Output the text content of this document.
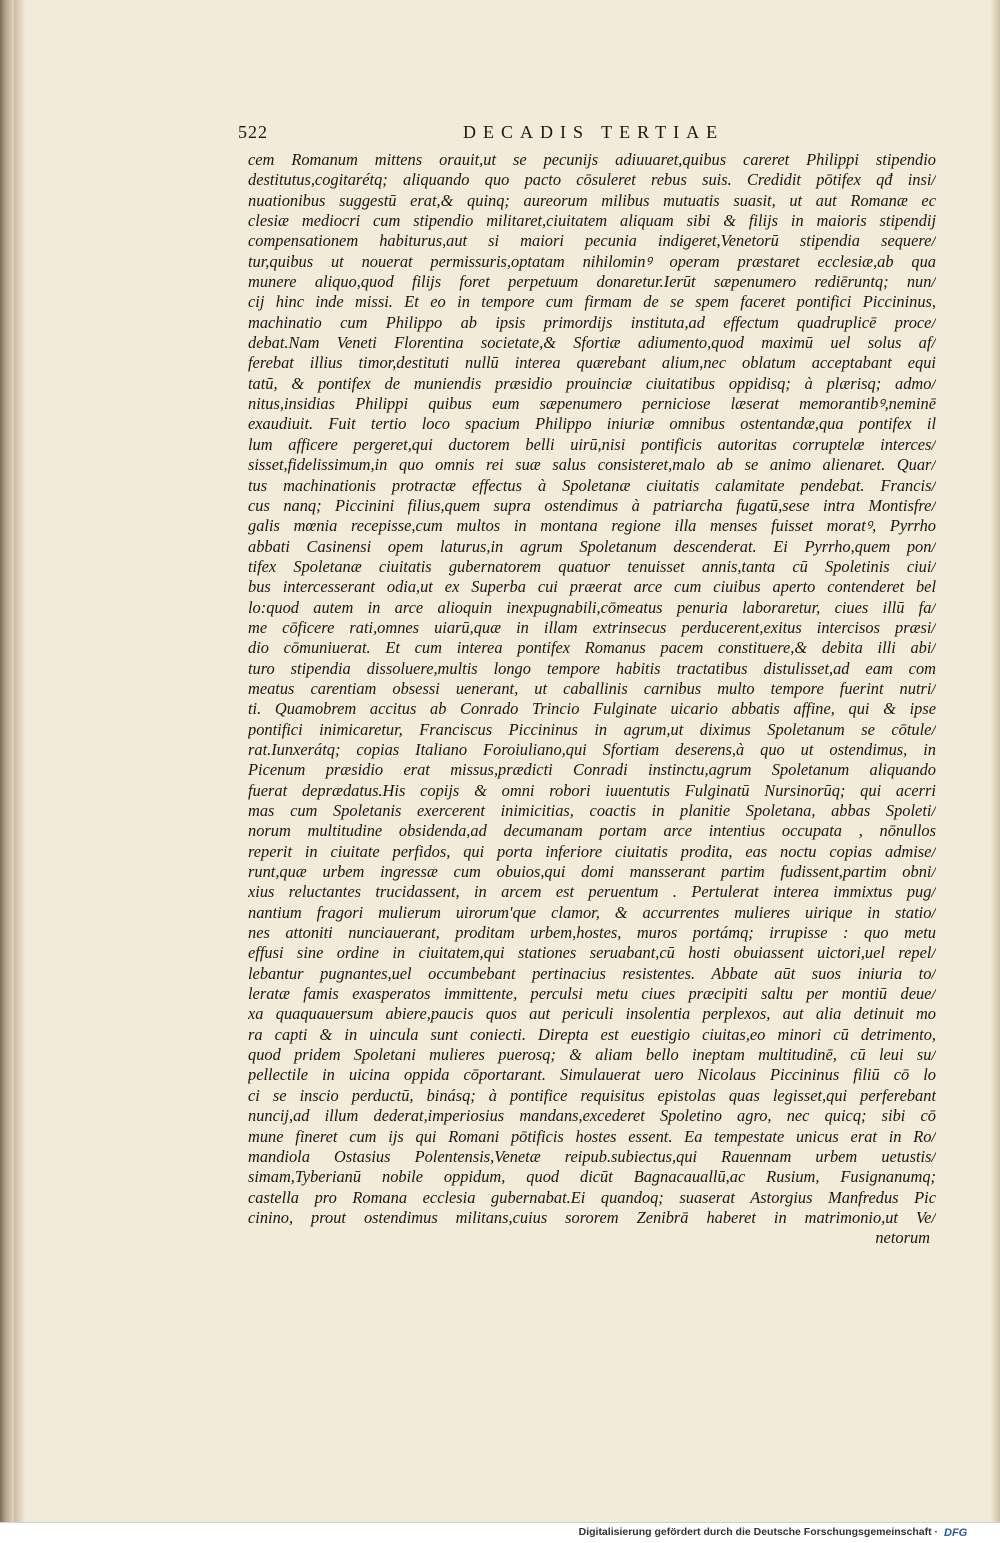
522	DECADIS TERTIAE
cem Romanum mittens orauit,ut se pecunijs adiuuaret,quibus careret Philippi stipendio
destitutus,cogitarétq; aliquando quo pacto cōsuleret rebus suis. Credidit pōtifex qđ insi/
nuationibus suggestū erat,& quinq; aureorum milibus mutuatis suasit, ut aut Romanæ ec
clesiæ mediocri cum stipendio militaret,ciuitatem aliquam sibi & filijs in maioris stipendij
compensationem habiturus,aut si maiori pecunia indigeret,Venetorū stipendia sequere/
tur,quibus ut nouerat permissuris,optatam nihilominꝰ operam præstaret ecclesiæ,ab qua
munere aliquo,quod filijs foret perpetuum donaretur.Ierūt sæpenumero rediēruntq; nun/
cij hinc inde missi. Et eo in tempore cum firmam de se spem faceret pontifici Piccininus,
machinatio cum Philippo ab ipsis primordijs instituta,ad effectum quadruplicē proce/
debat.Nam Veneti Florentina societate,& Sfortiæ adiumento,quod maximū uel solus af/
ferebat illius timor,destituti nullū interea quærebant alium,nec oblatum acceptabant equi
tatū, & pontifex de muniendis præsidio prouinciæ ciuitatibus oppidisq; à plærisq; admo/
nitus,insidias Philippi quibus eum sæpenumero perniciose læserat memorantibꝰ,neminē
exaudiuit. Fuit tertio loco spacium Philippo iniuriæ omnibus ostentandæ,qua pontifex il
lum afficere pergeret,qui ductorem belli uirū,nisi pontificis autoritas corruptelæ interces/
sisset,fidelissimum,in quo omnis rei suæ salus consisteret,malo ab se animo alienaret. Quar/
tus machinationis protractæ effectus à Spoletanæ ciuitatis calamitate pendebat. Francis/
cus nanq; Piccinini filius,quem supra ostendimus à patriarcha fugatū,sese intra Montisfre/
galis mœnia recepisse,cum multos in montana regione illa menses fuisset moratꝰ, Pyrrho
abbati Casinensi opem laturus,in agrum Spoletanum descenderat. Ei Pyrrho,quem pon/
tifex Spoletanæ ciuitatis gubernatorem quatuor tenuisset annis,tanta cū Spoletinis ciui/
bus intercesserant odia,ut ex Superba cui præerat arce cum ciuibus aperto contenderet bel
lo:quod autem in arce alioquin inexpugnabili,cōmeatus penuria laboraretur, ciues illū fa/
me cōficere rati,omnes uiarū,quæ in illam extrinsecus perducerent,exitus intercisos præsi/
dio cōmuniuerat. Et cum interea pontifex Romanus pacem constituere,& debita illi abi/
turo stipendia dissoluere,multis longo tempore habitis tractatibus distulisset,ad eam com
meatus carentiam obsessi uenerant, ut caballinis carnibus multo tempore fuerint nutri/
ti. Quamobrem accitus ab Conrado Trincio Fulginate uicario abbatis affine, qui & ipse
pontifici inimicaretur, Franciscus Piccininus in agrum,ut diximus Spoletanum se cōtule/
rat.Iunxerátq; copias Italiano Foroiuliano,qui Sfortiam deserens,à quo ut ostendimus, in
Picenum præsidio erat missus,prædicti Conradi instinctu,agrum Spoletanum aliquando
fuerat deprædatus.His copijs & omni robori iuuentutis Fulginatū Nursinorūq; qui acerri
mas cum Spoletanis exercerent inimicitias, coactis in planitie Spoletana, abbas Spoleti/
norum multitudine obsidenda,ad decumanam portam arce intentius occupata , nōnullos
reperit in ciuitate perfidos, qui porta inferiore ciuitatis prodita, eas noctu copias admise/
runt,quæ urbem ingressæ cum obuios,qui domi mansserant partim fudissent,partim obni/
xius reluctantes trucidassent, in arcem est peruentum . Pertulerat interea immixtus pug/
nantium fragori mulierum uirorum'que clamor, & accurrentes mulieres uirique in statio/
nes attoniti nunciauerant, proditam urbem,hostes, muros portámq; irrupisse : quo metu
effusi sine ordine in ciuitatem,qui stationes seruabant,cū hosti obuiassent uictori,uel repel/
lebantur pugnantes,uel occumbebant pertinacius resistentes. Abbate aūt suos iniuria to/
leratæ famis exasperatos immittente, perculsi metu ciues præcipiti saltu per montiū deue/
xa quaquauersum abiere,paucis quos aut periculi insolentia perplexos, aut alia detinuit mo
ra capti & in uincula sunt coniecti. Direpta est euestigio ciuitas,eo minori cū detrimento,
quod pridem Spoletani mulieres puerosq; & aliam bello ineptam multitudinē, cū leui su/
pellectile in uicina oppida cōportarant. Simulauerat uero Nicolaus Piccininus filiū cō lo
ci se inscio perductū, binásq; à pontifice requisitus epistolas quas legisset,qui perferebant
nuncij,ad illum dederat,imperiosius mandans,excederet Spoletino agro, nec quicq; sibi cō
mune fineret cum ijs qui Romani pōtificis hostes essent. Ea tempestate unicus erat in Ro/
mandiola Ostasius Polentensis,Venetæ reipub.subiectus,qui Rauennam urbem uetustis/
simam,Tyberianū nobile oppidum, quod dicūt Bagnacauallū,ac Rusium, Fusignanumq;
castella pro Romana ecclesia gubernabat.Ei quandoq; suaserat Astorgius Manfredus Pic
cinino, prout ostendimus militans,cuius sororem Zenibrā haberet in matrimonio,ut Ve/
netorum
Digitalisierung gefördert durch die Deutsche Forschungsgemeinschaft · DFG
